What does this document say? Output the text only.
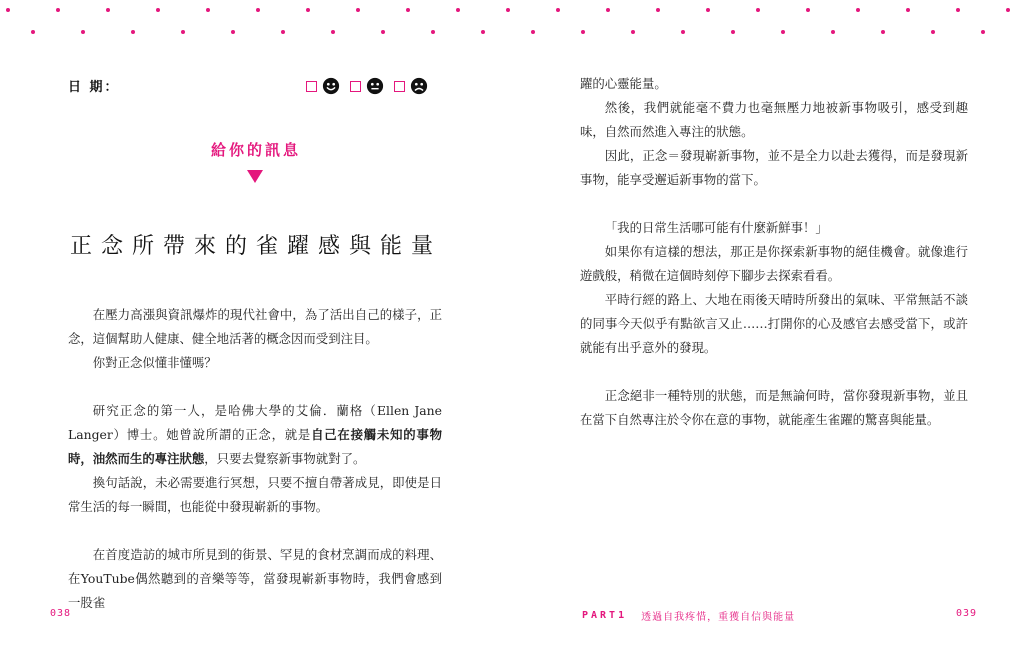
日 期：
給你的訊息
正念所帶來的雀躍感與能量

在壓力高漲與資訊爆炸的現代社會中，為了活出自己的樣子，正念，這個幫助人健康、健全地活著的概念因而受到注目。

你對正念似懂非懂嗎？

研究正念的第一人，是哈佛大學的艾倫．蘭格（Ellen Jane Langer）博士。她曾說所謂的正念，就是自己在接觸未知的事物時，油然而生的專注狀態，只要去覺察新事物就對了。

換句話說，未必需要進行冥想，只要不擅自帶著成見，即使是日常生活的每一瞬間，也能從中發現嶄新的事物。

在首度造訪的城市所見到的街景、罕見的食材烹調而成的料理、在YouTube偶然聽到的音樂等等，當發現嶄新事物時，我們會感到一股雀

038

躍的心靈能量。

然後，我們就能毫不費力也毫無壓力地被新事物吸引，感受到趣味，自然而然進入專注的狀態。

因此，正念＝發現嶄新事物，並不是全力以赴去獲得，而是發現新事物，能享受邂逅新事物的當下。

「我的日常生活哪可能有什麼新鮮事！」

如果你有這樣的想法，那正是你探索新事物的絕佳機會。就像進行遊戲般，稍微在這個時刻停下腳步去探索看看。

平時行經的路上、大地在雨後天晴時所發出的氣味、平常無話不談的同事今天似乎有點欲言又止……打開你的心及感官去感受當下，或許就能有出乎意外的發現。

正念絕非一種特別的狀態，而是無論何時，當你發現新事物，並且在當下自然專注於令你在意的事物，就能產生雀躍的驚喜與能量。

PART1 透過自我疼惜，重獲自信與能量	039
